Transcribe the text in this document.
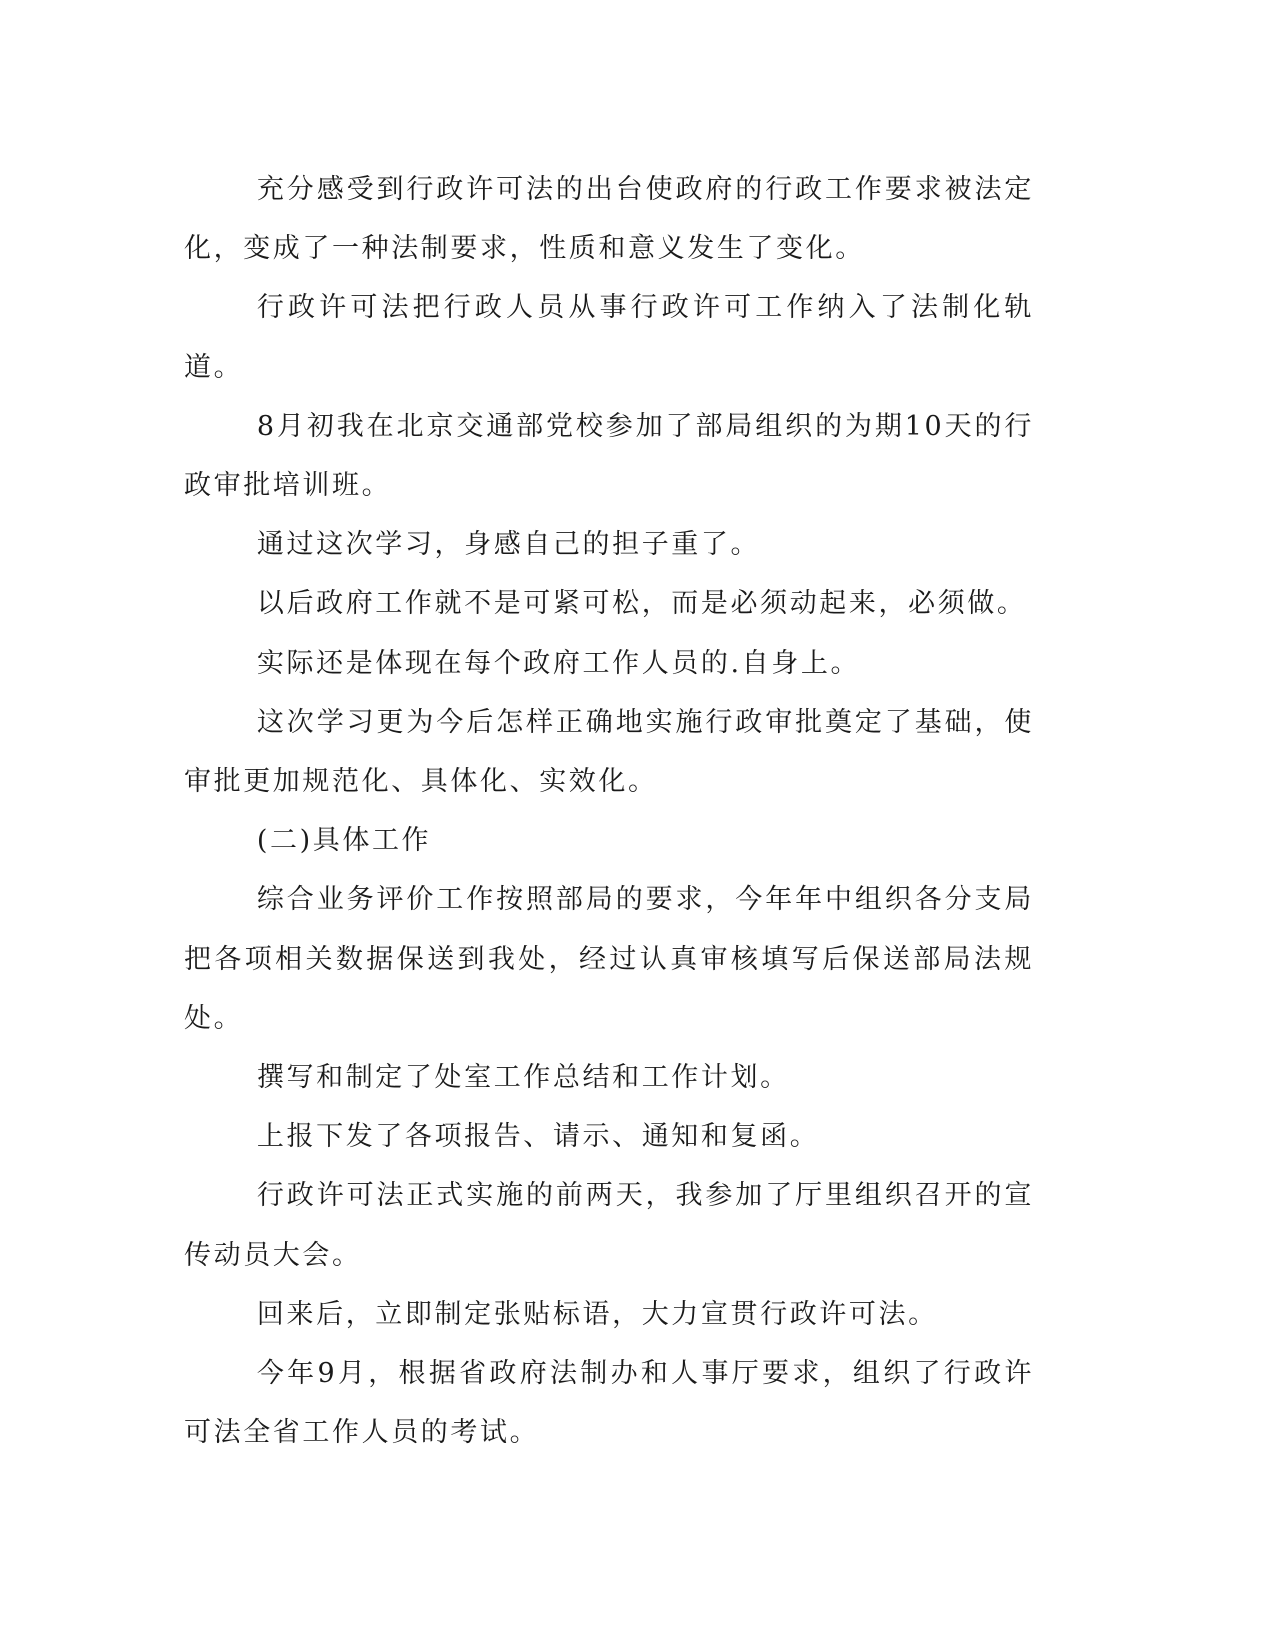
充分感受到行政许可法的出台使政府的行政工作要求被法定化，变成了一种法制要求，性质和意义发生了变化。

行政许可法把行政人员从事行政许可工作纳入了法制化轨道。

8月初我在北京交通部党校参加了部局组织的为期10天的行政审批培训班。

通过这次学习，身感自己的担子重了。

以后政府工作就不是可紧可松，而是必须动起来，必须做。

实际还是体现在每个政府工作人员的.自身上。

这次学习更为今后怎样正确地实施行政审批奠定了基础，使审批更加规范化、具体化、实效化。

(二)具体工作

综合业务评价工作按照部局的要求，今年年中组织各分支局把各项相关数据保送到我处，经过认真审核填写后保送部局法规处。

撰写和制定了处室工作总结和工作计划。

上报下发了各项报告、请示、通知和复函。

行政许可法正式实施的前两天，我参加了厅里组织召开的宣传动员大会。

回来后，立即制定张贴标语，大力宣贯行政许可法。

今年9月，根据省政府法制办和人事厅要求，组织了行政许可法全省工作人员的考试。
